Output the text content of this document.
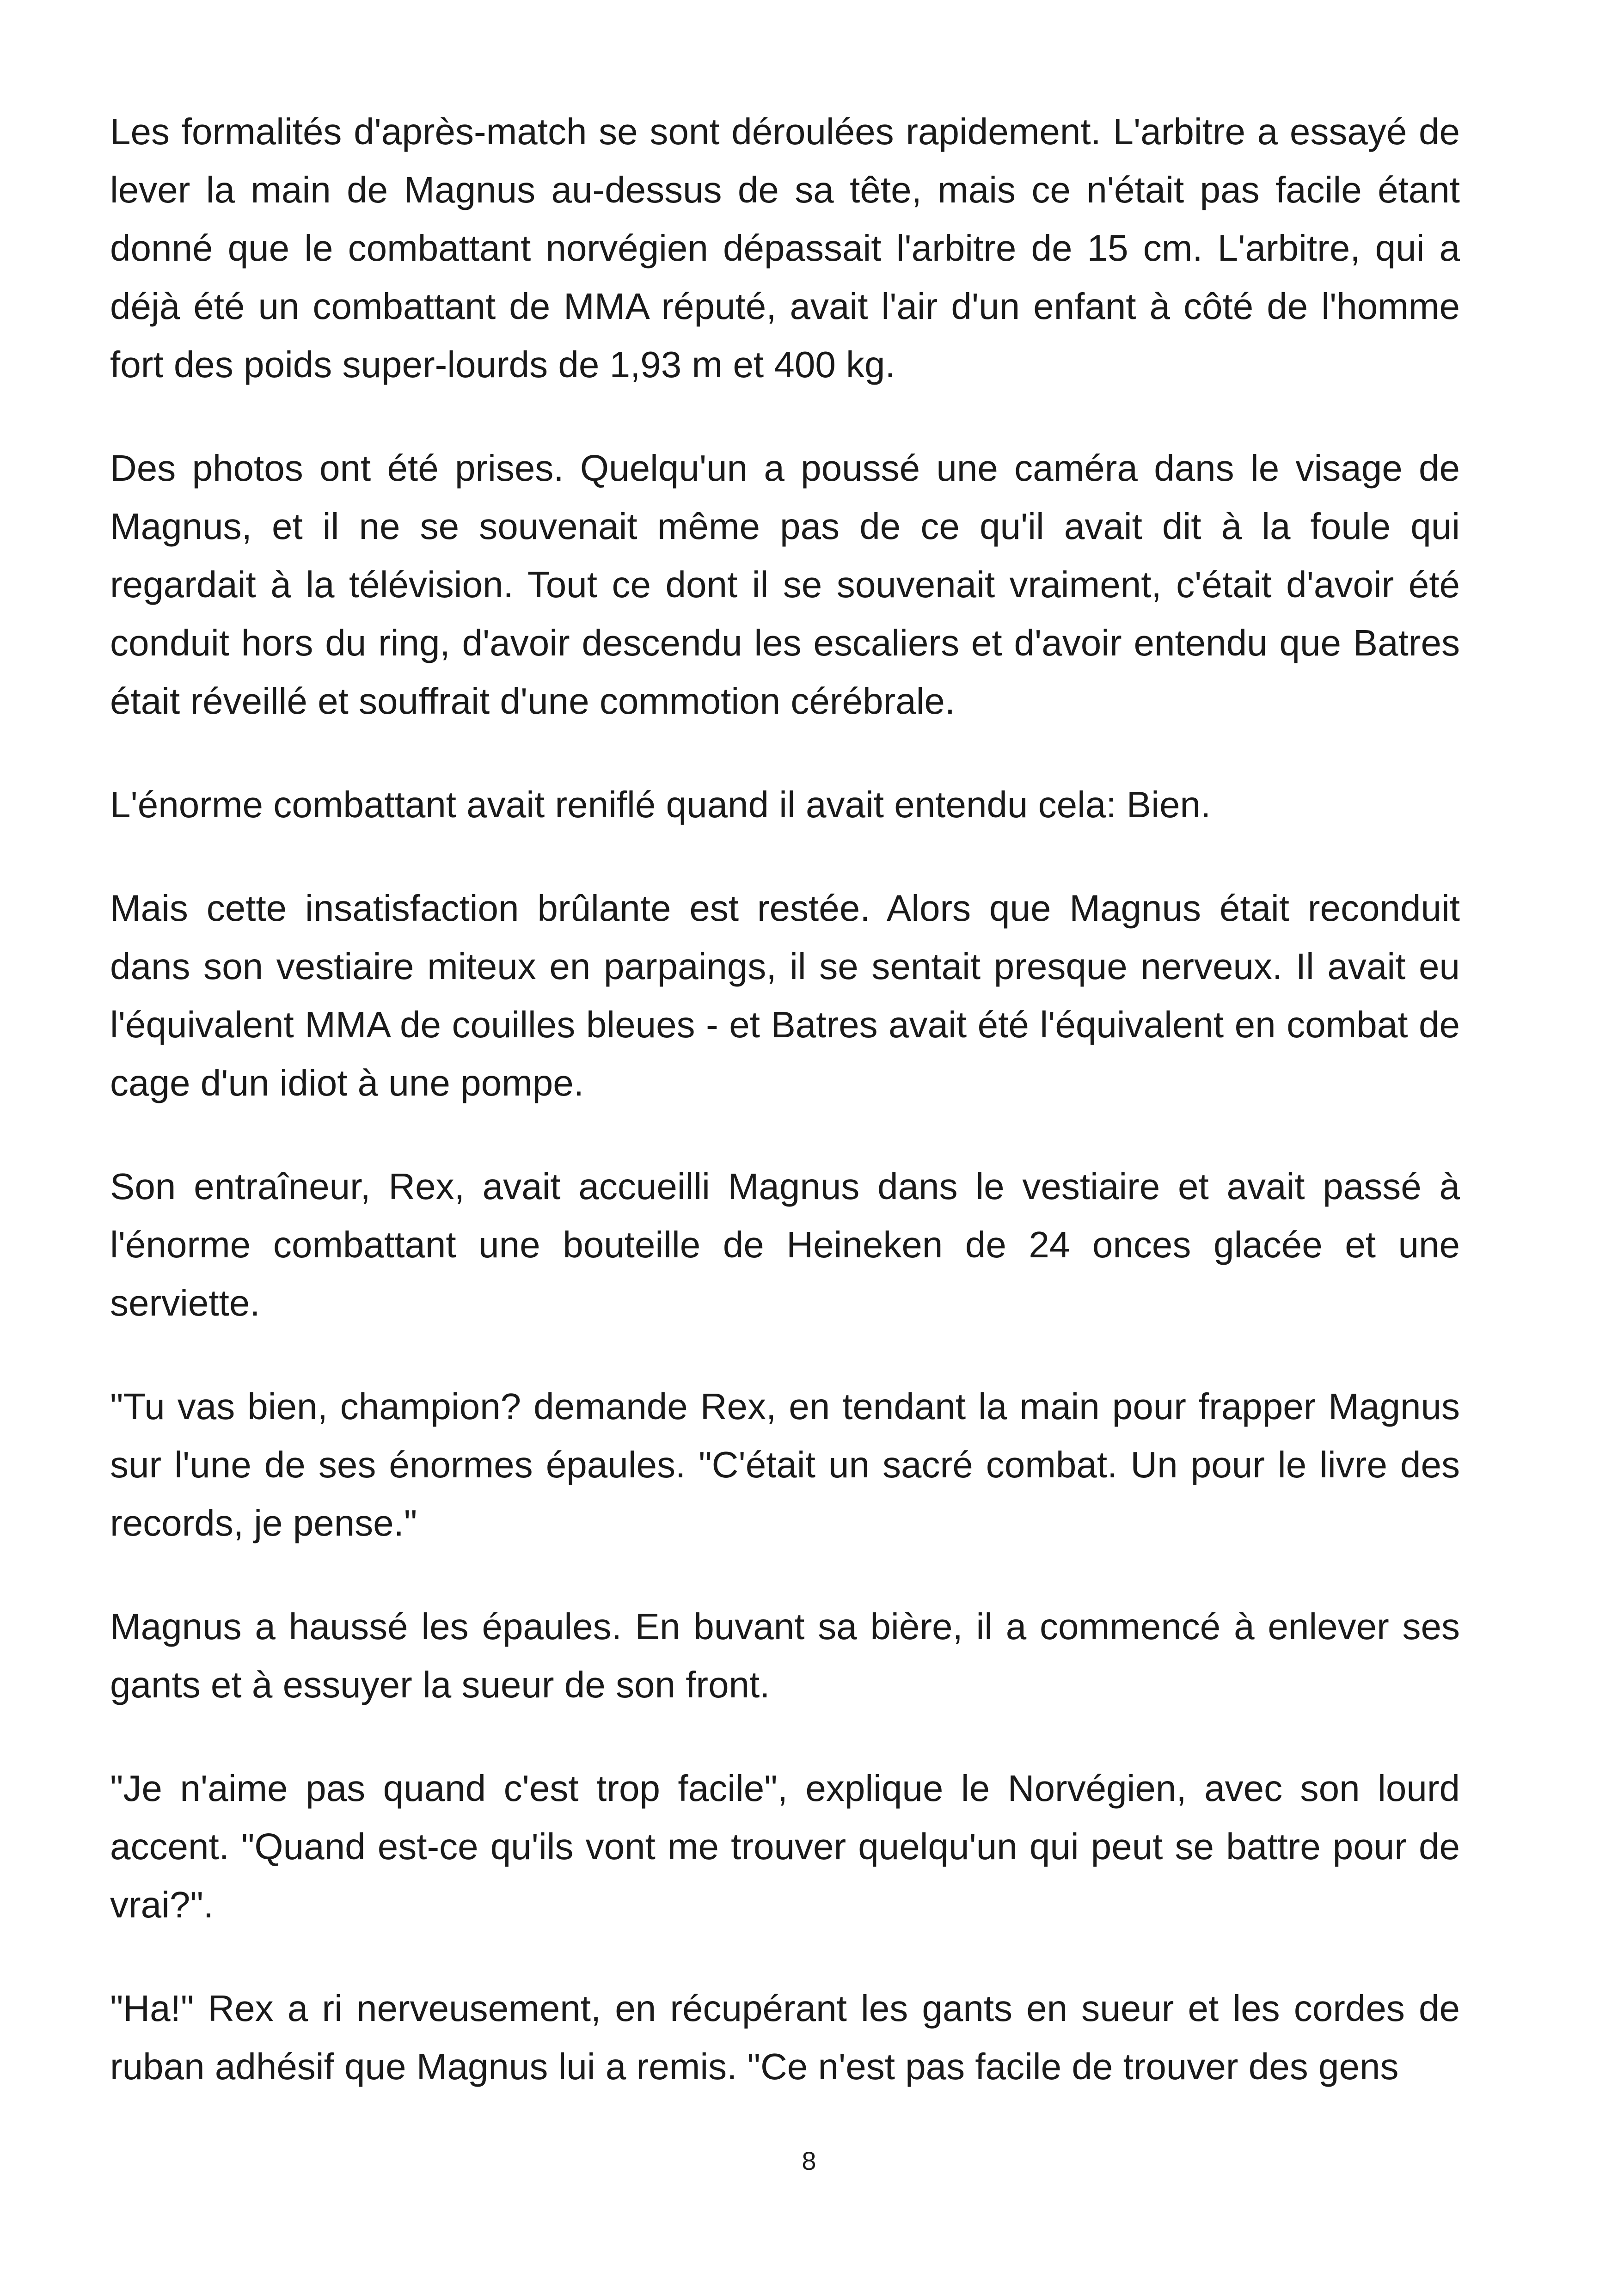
Les formalités d'après-match se sont déroulées rapidement. L'arbitre a essayé de lever la main de Magnus au-dessus de sa tête, mais ce n'était pas facile étant donné que le combattant norvégien dépassait l'arbitre de 15 cm. L'arbitre, qui a déjà été un combattant de MMA réputé, avait l'air d'un enfant à côté de l'homme fort des poids super-lourds de 1,93 m et 400 kg.

Des photos ont été prises. Quelqu'un a poussé une caméra dans le visage de Magnus, et il ne se souvenait même pas de ce qu'il avait dit à la foule qui regardait à la télévision. Tout ce dont il se souvenait vraiment, c'était d'avoir été conduit hors du ring, d'avoir descendu les escaliers et d'avoir entendu que Batres était réveillé et souffrait d'une commotion cérébrale.

L'énorme combattant avait reniflé quand il avait entendu cela: Bien.

Mais cette insatisfaction brûlante est restée. Alors que Magnus était reconduit dans son vestiaire miteux en parpaings, il se sentait presque nerveux. Il avait eu l'équivalent MMA de couilles bleues - et Batres avait été l'équivalent en combat de cage d'un idiot à une pompe.

Son entraîneur, Rex, avait accueilli Magnus dans le vestiaire et avait passé à l'énorme combattant une bouteille de Heineken de 24 onces glacée et une serviette.

"Tu vas bien, champion? demande Rex, en tendant la main pour frapper Magnus sur l'une de ses énormes épaules. "C'était un sacré combat. Un pour le livre des records, je pense."

Magnus a haussé les épaules. En buvant sa bière, il a commencé à enlever ses gants et à essuyer la sueur de son front.

"Je n'aime pas quand c'est trop facile", explique le Norvégien, avec son lourd accent. "Quand est-ce qu'ils vont me trouver quelqu'un qui peut se battre pour de vrai?".

"Ha!" Rex a ri nerveusement, en récupérant les gants en sueur et les cordes de ruban adhésif que Magnus lui a remis. "Ce n'est pas facile de trouver des gens

8
